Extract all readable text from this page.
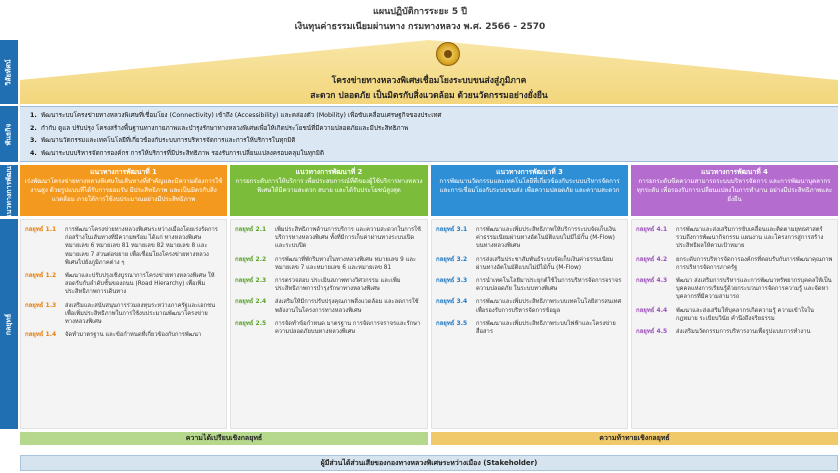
แผนปฏิบัติการระยะ 5 ปี
เงินทุนค่าธรรมเนียมผ่านทาง กรมทางหลวง พ.ศ. 2566 - 2570
วิสัยทัศน์
พันธกิจ
แนวทางการพัฒนา
กลยุทธ์
โครงข่ายทางหลวงพิเศษเชื่อมโยงระบบขนส่งสู่ภูมิภาค
สะดวก ปลอดภัย เป็นมิตรกับสิ่งแวดล้อม ด้วยนวัตกรรมอย่างยั่งยืน
1. พัฒนาระบบโครงข่ายทางหลวงพิเศษที่เชื่อมโยง (Connectivity) เข้าถึง (Accessibility) และคล่องตัว (Mobility) เพื่อขับเคลื่อนเศรษฐกิจของประเทศ
2. กำกับ ดูแล ปรับปรุง โครงสร้างพื้นฐานทางกายภาพและบำรุงรักษาทางหลวงพิเศษเพื่อให้เกิดประโยชน์ที่มีความปลอดภัยและมีประสิทธิภาพ
3. พัฒนานวัตกรรมและเทคโนโลยีที่เกี่ยวข้องกับระบบการบริหารจัดการและการให้บริการในทุกมิติ
4. พัฒนาระบบบริหารจัดการองค์กร การให้บริการที่มีประสิทธิภาพ รองรับการเปลี่ยนแปลงครอบคลุมในทุกมิติ
แนวทางการพัฒนาที่ 1
เร่งพัฒนาโครงข่ายทางหลวงพิเศษในเส้นทางที่สำคัญและมีความต้องการใช้งานสูง ด้วยรูปแบบที่ได้รับการยอมรับ มีประสิทธิภาพ และเป็นมิตรกับสิ่งแวดล้อม ภายใต้การใช้งบประมาณอย่างมีประสิทธิภาพ
แนวทางการพัฒนาที่ 2
การยกระดับการให้บริการ เพื่อประสบการณ์ที่ดีของผู้ใช้บริการทางหลวงพิเศษให้มีความสะดวก สบาย และได้รับประโยชน์สูงสุด
แนวทางการพัฒนาที่ 3
การพัฒนานวัตกรรมและเทคโนโลยีที่เกี่ยวข้องกับระบบบริหารจัดการ และการเชื่อมโยงกับระบบขนส่ง เพื่อความปลอดภัย และความสะดวก
แนวทางการพัฒนาที่ 4
การยกระดับขีดความสามารถระบบบริหารจัดการ และการพัฒนาบุคลากรทุกระดับ เพื่อรองรับการเปลี่ยนแปลงในการทำงาน อย่างมีประสิทธิภาพและยั่งยืน
กลยุทธ์ 1.1	การพัฒนาโครงข่ายทางหลวงพิเศษระหว่างเมืองโดยเร่งรัดการก่อสร้างในเส้นทางที่มีความพร้อม ได้แก่ ทางหลวงพิเศษหมายเลข 6 หมายเลข 81 หมายเลข 82 หมายเลข 8 และหมายเลข 7 ส่วนต่อขยาย เพื่อเชื่อมโยงโครงข่ายทางหลวงพิเศษไปยังภูมิภาคต่าง ๆ
กลยุทธ์ 1.2	พัฒนาและปรับปรุงเชิงบูรณาการโครงข่ายทางหลวงพิเศษ ให้สอดรับกับลำดับชั้นของถนน (Road Hierarchy) เพื่อเพิ่มประสิทธิภาพการเดินทาง
กลยุทธ์ 1.3	ส่งเสริมและสนับสนุนการร่วมลงทุนระหว่างภาครัฐและเอกชน เพื่อเพิ่มประสิทธิภาพในการใช้งบประมาณพัฒนาโครงข่ายทางหลวงพิเศษ
กลยุทธ์ 1.4	จัดทำมาตรฐาน และข้อกำหนดที่เกี่ยวข้องกับการพัฒนา
กลยุทธ์ 2.1	เพิ่มประสิทธิภาพด้านการบริการ และความสะดวกในการใช้บริการทางหลวงพิเศษ ทั้งที่มีการเก็บค่าผ่านทางระบบเปิดและระบบปิด
กลยุทธ์ 2.2	การพัฒนาที่พักริมทางในทางหลวงพิเศษ หมายเลข 9 และหมายเลข 7 และหมายเลข 6 และหมายเลข 81
กลยุทธ์ 2.3	การตรวจสอบ ประเมินสภาพทางวิศวกรรม และเพิ่มประสิทธิภาพการบำรุงรักษาทางหลวงพิเศษ
กลยุทธ์ 2.4	ส่งเสริมให้มีการปรับปรุงคุณภาพสิ่งแวดล้อม และลดการใช้พลังงานในโครงการทางหลวงพิเศษ
กลยุทธ์ 2.5	การจัดทำข้อกำหนด มาตรฐาน การจัดการจราจรและรักษาความปลอดภัยบนทางหลวงพิเศษ
กลยุทธ์ 3.1	การพัฒนาและเพิ่มประสิทธิภาพให้บริการระบบจัดเก็บเงินค่าธรรมเนียมผ่านทางอัตโนมัติแบบไม่มีไม้กั้น (M-Flow) บนทางหลวงพิเศษ
กลยุทธ์ 3.2	การส่งเสริมประชาสัมพันธ์ระบบจัดเก็บเงินค่าธรรมเนียมผ่านทางอัตโนมัติแบบไม่มีไม้กั้น (M-Flow)
กลยุทธ์ 3.3	การนำเทคโนโลยีมาประยุกต์ใช้ในการบริหารจัดการจราจร ความปลอดภัย ในระบบทางพิเศษ
กลยุทธ์ 3.4	การพัฒนาและเพิ่มประสิทธิภาพระบบเทคโนโลยีสารสนเทศ เพื่อรองรับการบริหารจัดการข้อมูล
กลยุทธ์ 3.5	การพัฒนาและเพิ่มประสิทธิภาพระบบไฟฟ้าและโครงข่ายสื่อสาร
กลยุทธ์ 4.1	การพัฒนาและส่งเสริมการขับเคลื่อนและติดตามยุทธศาสตร์ รวมถึงการพัฒนากิจกรรม แผนงาน และโครงการสู่การสร้างประสิทธิผลให้ตามเป้าหมาย
กลยุทธ์ 4.2	ยกระดับการบริหารจัดการองค์กรที่ตอบรับกับการพัฒนาคุณภาพการบริหารจัดการภาครัฐ
กลยุทธ์ 4.3	พัฒนา ส่งเสริมการบริหารและการพัฒนาทรัพยากรบุคคลให้เป็นบุคคลแห่งการเรียนรู้ด้วยกระบวนการจัดการความรู้ และจัดหาบุคลากรที่มีความสามารถ
กลยุทธ์ 4.4	พัฒนาและส่งเสริมให้บุคลากรเกิดความรู้ ความเข้าใจในกฎหมาย ระเบียบวินัย คำนึงถึงจริยธรรม
กลยุทธ์ 4.5	ส่งเสริมนวัตกรรมการบริหารงานเพื่อรูปแบบการทำงาน
ความได้เปรียบเชิงกลยุทธ์	ความท้าทายเชิงกลยุทธ์
ผู้มีส่วนได้ส่วนเสียของกองทางหลวงพิเศษระหว่างเมือง (Stakeholder)
